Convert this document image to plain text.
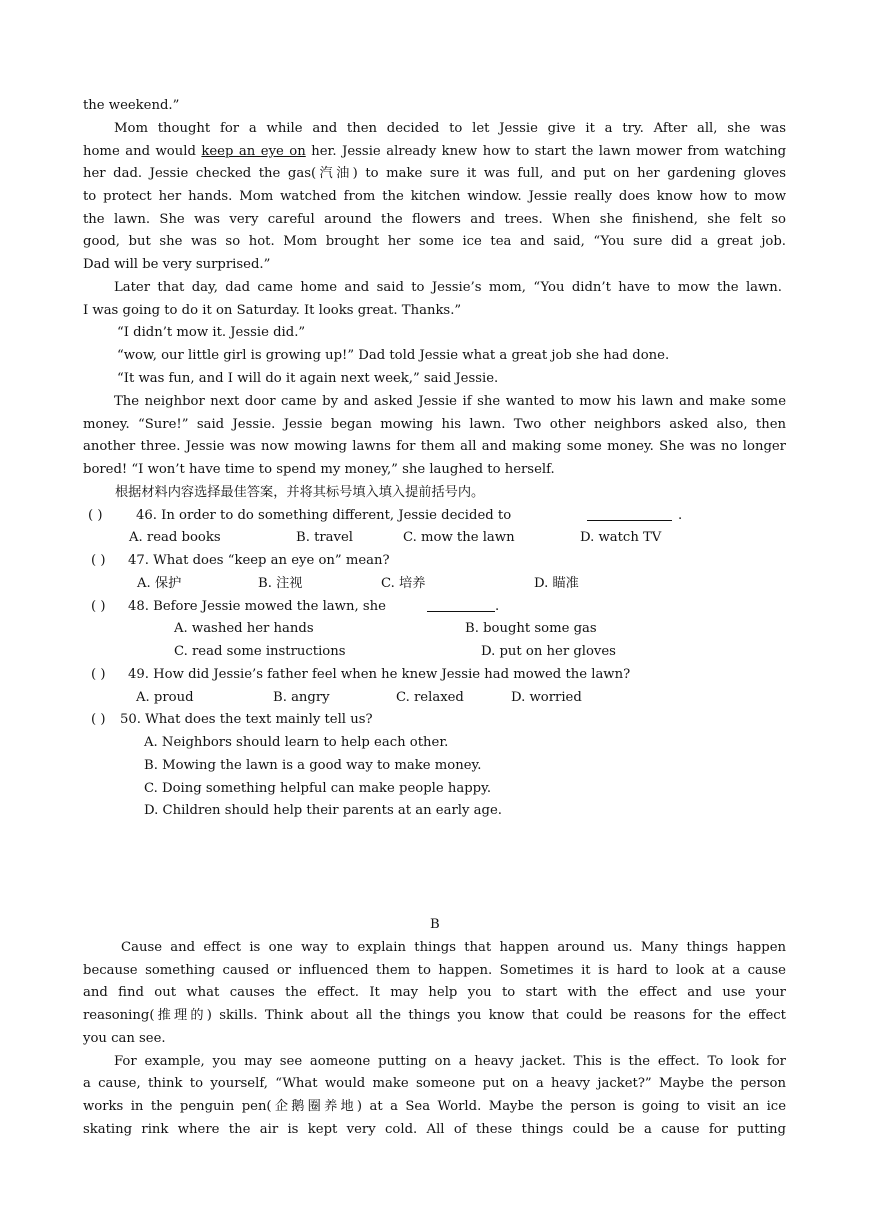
the weekend.”
Mom thought for a while and then decided to let Jessie give it a try. After all, she was
home and would keep an eye on her. Jessie already knew how to start the lawn mower from watching
her dad. Jessie checked the gas(汽油) to make sure it was full, and put on her gardening gloves
to protect her hands. Mom watched from the kitchen window. Jessie really does know how to mow
the lawn. She was very careful around the flowers and trees. When she finishend, she felt so
good, but she was so hot. Mom brought her some ice tea and said, “You sure did a great job.
Dad will be very surprised.”
Later that day, dad came home and said to Jessie’s mom, “You didn’t have to mow the lawn.
I was going to do it on Saturday. It looks great. Thanks.”
“I didn’t mow it. Jessie did.”
“wow, our little girl is growing up!” Dad told Jessie what a great job she had done.
“It was fun, and I will do it again next week,” said Jessie.
The neighbor next door came by and asked Jessie if she wanted to mow his lawn and make some
money. “Sure!” said Jessie. Jessie began mowing his lawn. Two other neighbors asked also, then
another three. Jessie was now mowing lawns for them all and making some money. She was no longer
bored! “I won’t have time to spend my money,” she laughed to herself.
根据材料内容选择最佳答案，并将其标号填入填入提前括号内。
( )	46. In order to do something different, Jessie decided to	.
A. read books	B. travel	C. mow the lawn	D. watch TV
( ) 47. What does “keep an eye on” mean?
A. 保护	B. 注视	C. 培养	D. 瞄准
( ) 48. Before Jessie mowed the lawn, she	.
A. washed her hands	B. bought some gas
C. read some instructions	D. put on her gloves
( ) 49. How did Jessie’s father feel when he knew Jessie had mowed the lawn?
A. proud	B. angry	C. relaxed	D. worried
( ) 50. What does the text mainly tell us?
A. Neighbors should learn to help each other.
B. Mowing the lawn is a good way to make money.
C. Doing something helpful can make people happy.
D. Children should help their parents at an early age.
B
Cause and effect is one way to explain things that happen around us. Many things happen
because something caused or influenced them to happen. Sometimes it is hard to look at a cause
and find out what causes the effect. It may help you to start with the effect and use your
reasoning(推理的) skills. Think about all the things you know that could be reasons for the effect
you can see.
For example, you may see aomeone putting on a heavy jacket. This is the effect. To look for
a cause, think to yourself, “What would make someone put on a heavy jacket?” Maybe the person
works in the penguin pen(企鹅圈养地) at a Sea World. Maybe the person is going to visit an ice
skating rink where the air is kept very cold. All of these things could be a cause for putting
